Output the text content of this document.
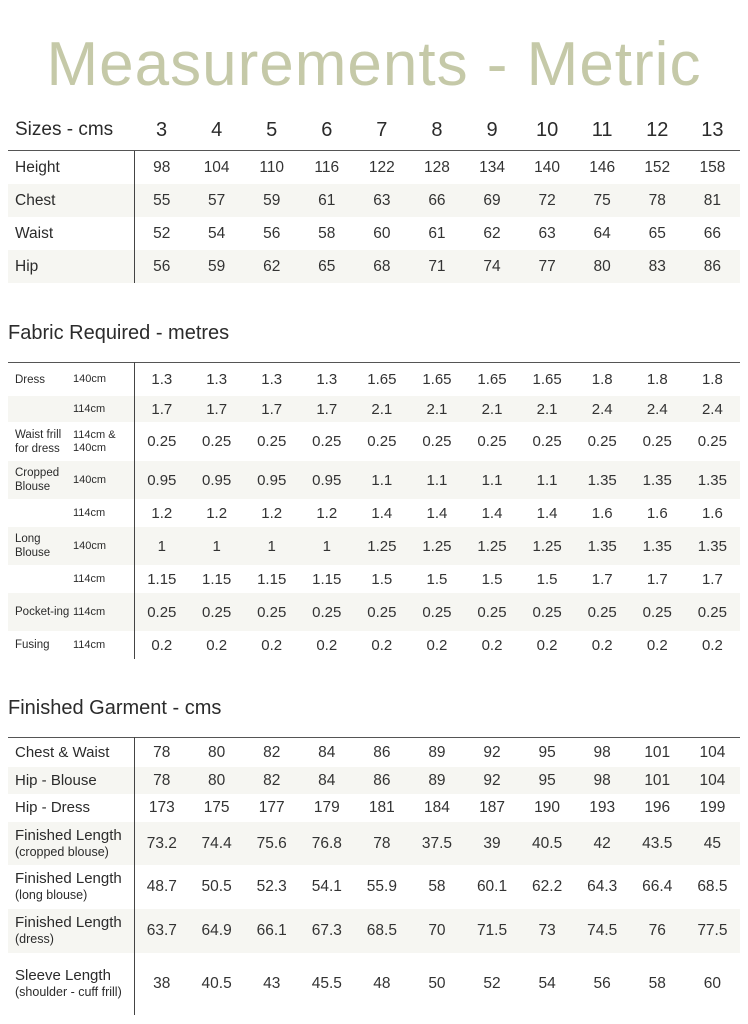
Measurements - Metric
Sizes - cms	3	4	5	6	7	8	9	10	11	12	13
Height	98	104	110	116	122	128	134	140	146	152	158
Chest	55	57	59	61	63	66	69	72	75	78	81
Waist	52	54	56	58	60	61	62	63	64	65	66
Hip	56	59	62	65	68	71	74	77	80	83	86
Fabric Required - metres
Dress	140cm	1.3	1.3	1.3	1.3	1.65	1.65	1.65	1.65	1.8	1.8	1.8
	114cm	1.7	1.7	1.7	1.7	2.1	2.1	2.1	2.1	2.4	2.4	2.4
Waist frill for dress	114cm & 140cm	0.25	0.25	0.25	0.25	0.25	0.25	0.25	0.25	0.25	0.25	0.25
Cropped Blouse	140cm	0.95	0.95	0.95	0.95	1.1	1.1	1.1	1.1	1.35	1.35	1.35
	114cm	1.2	1.2	1.2	1.2	1.4	1.4	1.4	1.4	1.6	1.6	1.6
Long Blouse	140cm	1	1	1	1	1.25	1.25	1.25	1.25	1.35	1.35	1.35
	114cm	1.15	1.15	1.15	1.15	1.5	1.5	1.5	1.5	1.7	1.7	1.7
Pocket-ing	114cm	0.25	0.25	0.25	0.25	0.25	0.25	0.25	0.25	0.25	0.25	0.25
Fusing	114cm	0.2	0.2	0.2	0.2	0.2	0.2	0.2	0.2	0.2	0.2	0.2
Finished Garment - cms
Chest & Waist	78	80	82	84	86	89	92	95	98	101	104

Hip - Blouse	78	80	82	84	86	89	92	95	98	101	104

Hip - Dress	173	175	177	179	181	184	187	190	193	196	199

Finished Length
(cropped blouse)	73.2	74.4	75.6	76.8	78	37.5	39	40.5	42	43.5	45

Finished Length
(long blouse)	48.7	50.5	52.3	54.1	55.9	58	60.1	62.2	64.3	66.4	68.5

Finished Length
(dress)	63.7	64.9	66.1	67.3	68.5	70	71.5	73	74.5	76	77.5

Sleeve Length
(shoulder - cuff frill)	38	40.5	43	45.5	48	50	52	54	56	58	60
